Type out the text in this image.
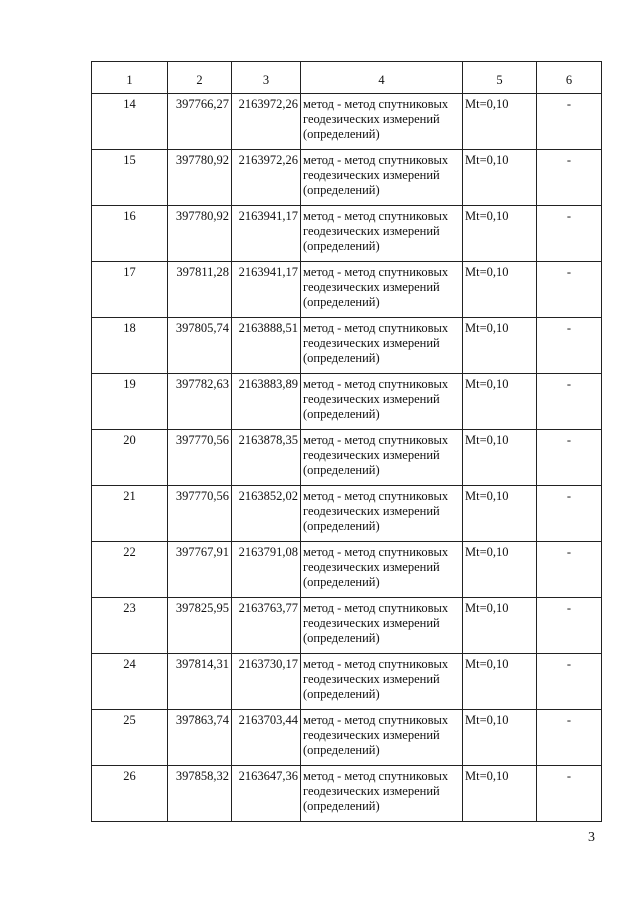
1	2	3	4	5	6
14	397766,27	2163972,26	метод - метод спутниковых геодезических измерений (определений)	Mt=0,10	-
15	397780,92	2163972,26	метод - метод спутниковых геодезических измерений (определений)	Mt=0,10	-
16	397780,92	2163941,17	метод - метод спутниковых геодезических измерений (определений)	Mt=0,10	-
17	397811,28	2163941,17	метод - метод спутниковых геодезических измерений (определений)	Mt=0,10	-
18	397805,74	2163888,51	метод - метод спутниковых геодезических измерений (определений)	Mt=0,10	-
19	397782,63	2163883,89	метод - метод спутниковых геодезических измерений (определений)	Mt=0,10	-
20	397770,56	2163878,35	метод - метод спутниковых геодезических измерений (определений)	Mt=0,10	-
21	397770,56	2163852,02	метод - метод спутниковых геодезических измерений (определений)	Mt=0,10	-
22	397767,91	2163791,08	метод - метод спутниковых геодезических измерений (определений)	Mt=0,10	-
23	397825,95	2163763,77	метод - метод спутниковых геодезических измерений (определений)	Mt=0,10	-
24	397814,31	2163730,17	метод - метод спутниковых геодезических измерений (определений)	Mt=0,10	-
25	397863,74	2163703,44	метод - метод спутниковых геодезических измерений (определений)	Mt=0,10	-
26	397858,32	2163647,36	метод - метод спутниковых геодезических измерений (определений)	Mt=0,10	-
3
